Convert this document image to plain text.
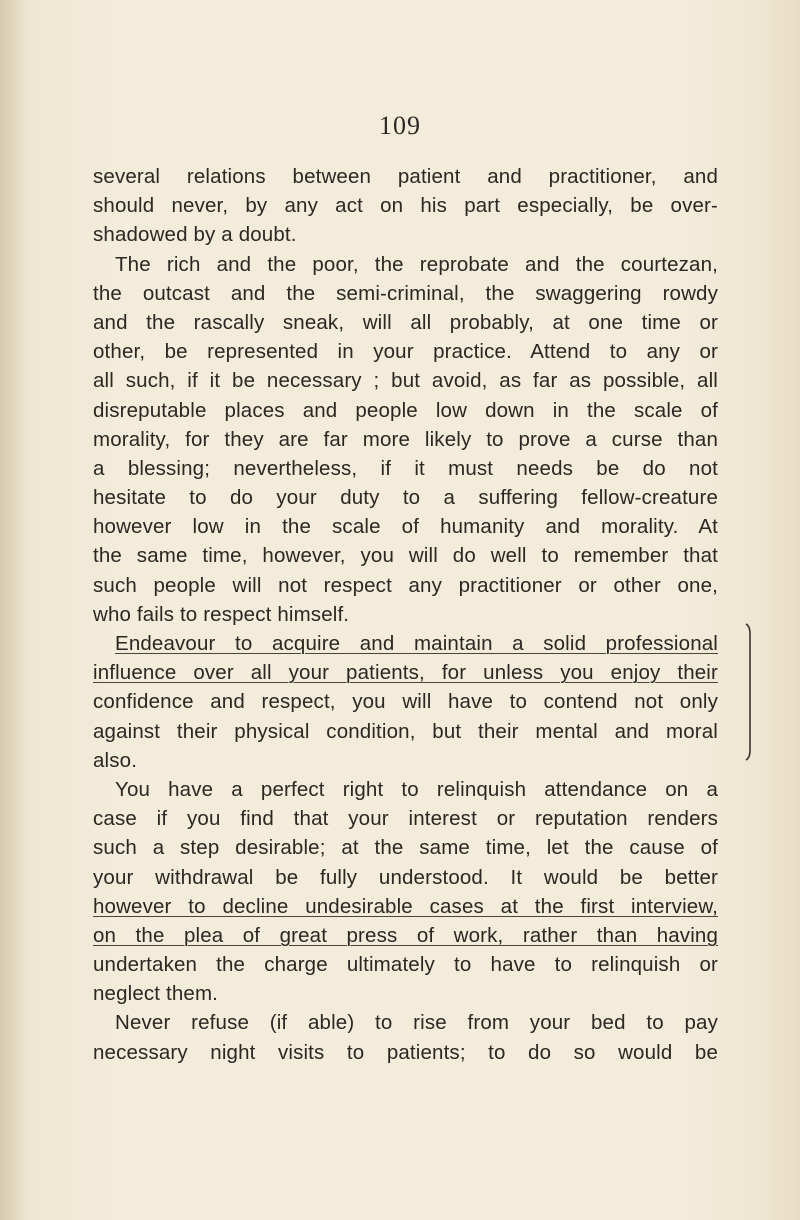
109
several relations between patient and practitioner, and
should never, by any act on his part especially, be over-
shadowed by a doubt.
The rich and the poor, the reprobate and the courtezan,
the outcast and the semi-criminal, the swaggering rowdy
and the rascally sneak, will all probably, at one time or
other, be represented in your practice. Attend to any or
all such, if it be necessary ; but avoid, as far as possible, all
disreputable places and people low down in the scale of
morality, for they are far more likely to prove a curse than
a blessing; nevertheless, if it must needs be do not
hesitate to do your duty to a suffering fellow-creature
however low in the scale of humanity and morality. At
the same time, however, you will do well to remember that
such people will not respect any practitioner or other one,
who fails to respect himself.
Endeavour to acquire and maintain a solid professional
influence over all your patients, for unless you enjoy their
confidence and respect, you will have to contend not only
against their physical condition, but their mental and moral
also.
You have a perfect right to relinquish attendance on a
case if you find that your interest or reputation renders
such a step desirable; at the same time, let the cause of
your withdrawal be fully understood. It would be better
however to decline undesirable cases at the first interview,
on the plea of great press of work, rather than having
undertaken the charge ultimately to have to relinquish or
neglect them.
Never refuse (if able) to rise from your bed to pay
necessary night visits to patients; to do so would be
